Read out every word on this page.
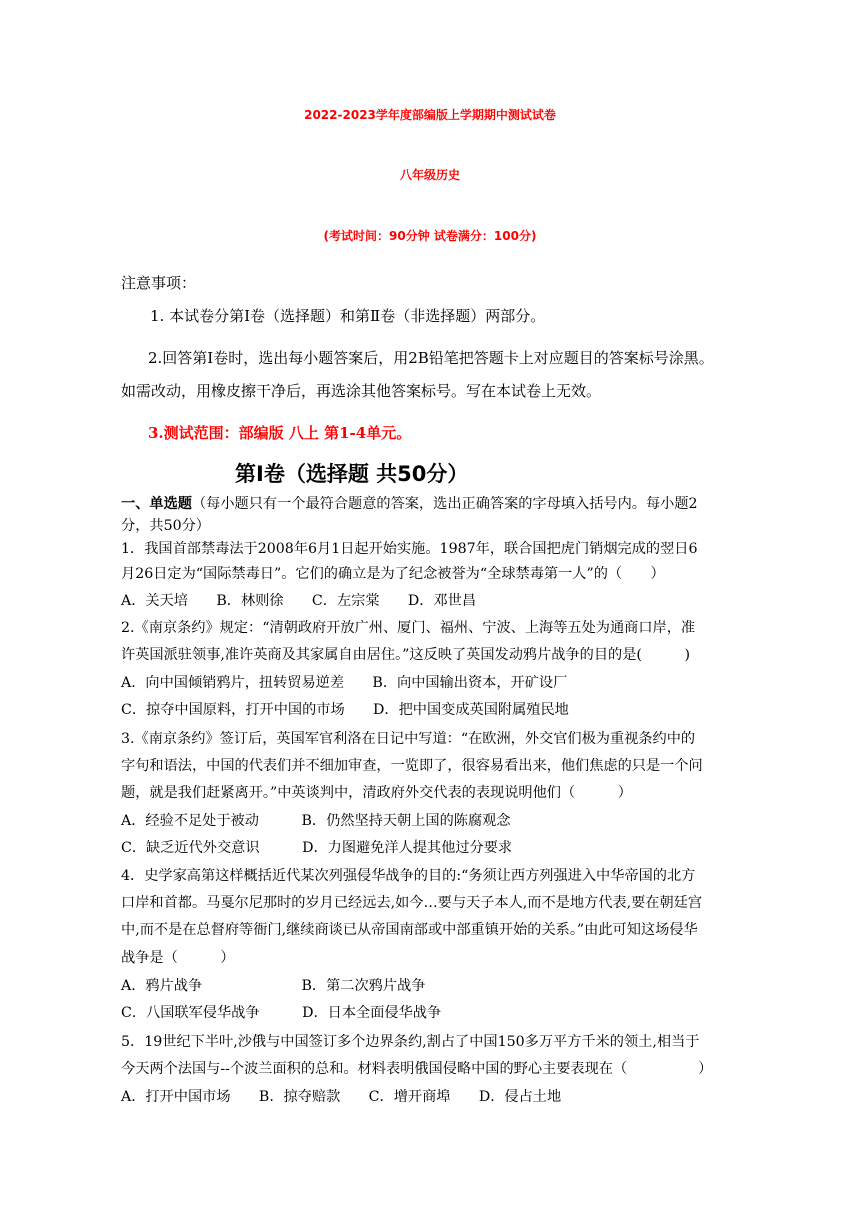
2022-2023学年度部编版上学期期中测试试卷
八年级历史
(考试时间：90分钟 试卷满分：100分)
注意事项：
1. 本试卷分第Ⅰ卷（选择题）和第Ⅱ卷（非选择题）两部分。
2.回答第Ⅰ卷时，选出每小题答案后，用2B铅笔把答题卡上对应题目的答案标号涂黑。
如需改动，用橡皮擦干净后，再选涂其他答案标号。写在本试卷上无效。
3.测试范围：部编版 八上 第1-4单元。
第Ⅰ卷（选择题 共50分）
一、单选题（每小题只有一个最符合题意的答案，选出正确答案的字母填入括号内。每小题2
分，共50分）
1．我国首部禁毒法于2008年6月1日起开始实施。1987年，联合国把虎门销烟完成的翌日6
月26日定为“国际禁毒日”。它们的确立是为了纪念被誉为“全球禁毒第一人”的（　　）
A．关天培　　B．林则徐　　C．左宗棠　　D．邓世昌
2.《南京条约》规定：“清朝政府开放广州、厦门、福州、宁波、上海等五处为通商口岸，准
许英国派驻领事,准许英商及其家属自由居住。”这反映了英国发动鸦片战争的目的是(　　　)
A．向中国倾销鸦片，扭转贸易逆差　　B．向中国输出资本，开矿设厂
C．掠夺中国原料，打开中国的市场　　D．把中国变成英国附属殖民地
3.《南京条约》签订后，英国军官利洛在日记中写道：“在欧洲，外交官们极为重视条约中的
字句和语法，中国的代表们并不细加审查，一览即了，很容易看出来，他们焦虑的只是一个问
题，就是我们赶紧离开。”中英谈判中，清政府外交代表的表现说明他们（　　　）
A．经验不足处于被动　　　B．仍然坚持天朝上国的陈腐观念
C．缺乏近代外交意识　　　D．力图避免洋人提其他过分要求
4．史学家高第这样概括近代某次列强侵华战争的目的:“务须让西方列强进入中华帝国的北方
口岸和首都。马戛尔尼那时的岁月已经远去,如今…要与天子本人,而不是地方代表,要在朝廷宫
中,而不是在总督府等衙门,继续商谈已从帝国南部或中部重镇开始的关系。”由此可知这场侵华
战争是（　　　）
A．鸦片战争　　　　　　　B．第二次鸦片战争
C．八国联军侵华战争　　　D．日本全面侵华战争
5．19世纪下半叶,沙俄与中国签订多个边界条约,割占了中国150多万平方千米的领土,相当于
今天两个法国与--个波兰面积的总和。材料表明俄国侵略中国的野心主要表现在（　　　　　）
A．打开中国市场　　B．掠夺赔款　　C．增开商埠　　D．侵占土地
